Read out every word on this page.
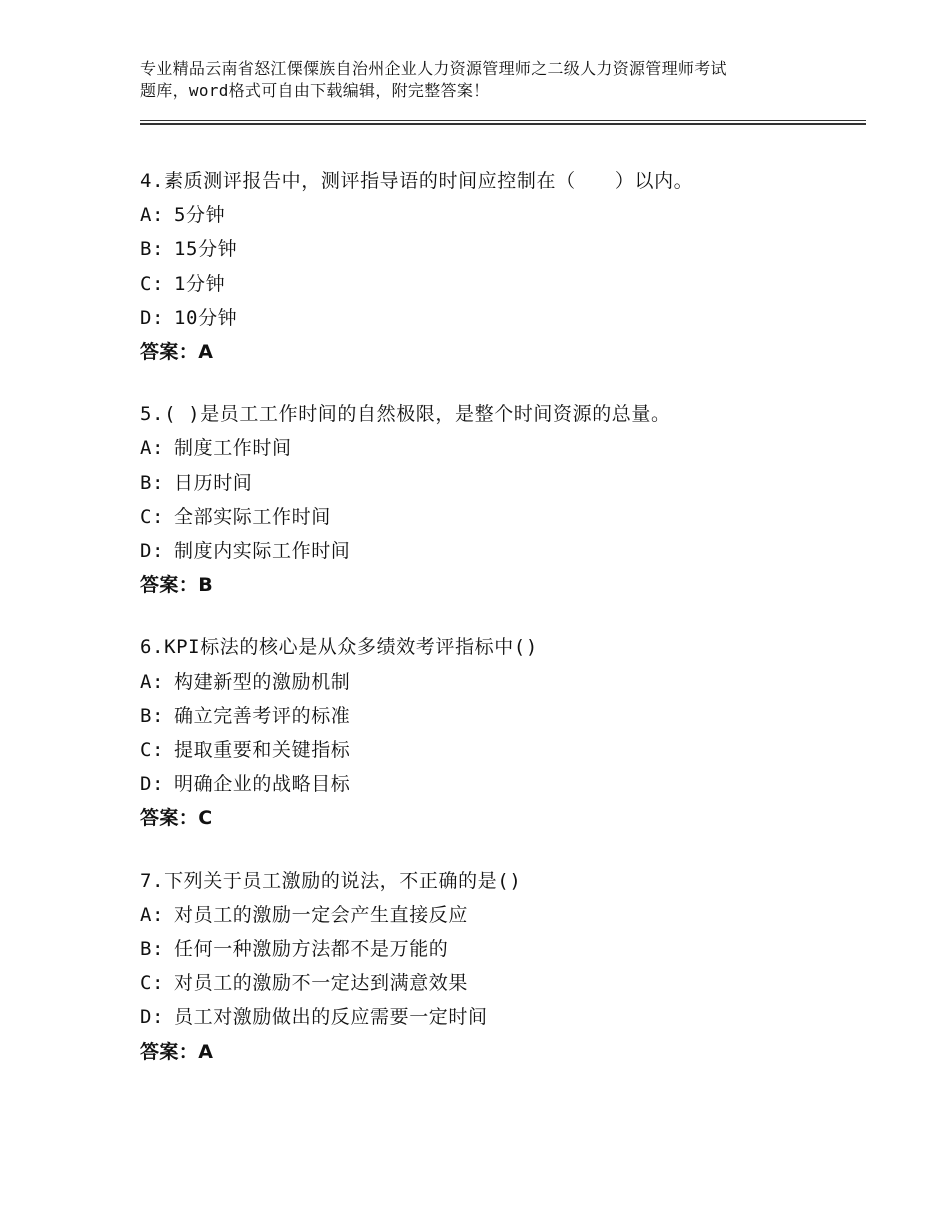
专业精品云南省怒江傈僳族自治州企业人力资源管理师之二级人力资源管理师考试
题库，word格式可自由下载编辑，附完整答案！
4.素质测评报告中，测评指导语的时间应控制在（　　）以内。
A: 5分钟
B: 15分钟
C: 1分钟
D: 10分钟
答案：A
5.( )是员工工作时间的自然极限，是整个时间资源的总量。
A: 制度工作时间
B: 日历时间
C: 全部实际工作时间
D: 制度内实际工作时间
答案：B
6.KPI标法的核心是从众多绩效考评指标中()
A: 构建新型的激励机制
B: 确立完善考评的标准
C: 提取重要和关键指标
D: 明确企业的战略目标
答案：C
7.下列关于员工激励的说法，不正确的是()
A: 对员工的激励一定会产生直接反应
B: 任何一种激励方法都不是万能的
C: 对员工的激励不一定达到满意效果
D: 员工对激励做出的反应需要一定时间
答案：A
